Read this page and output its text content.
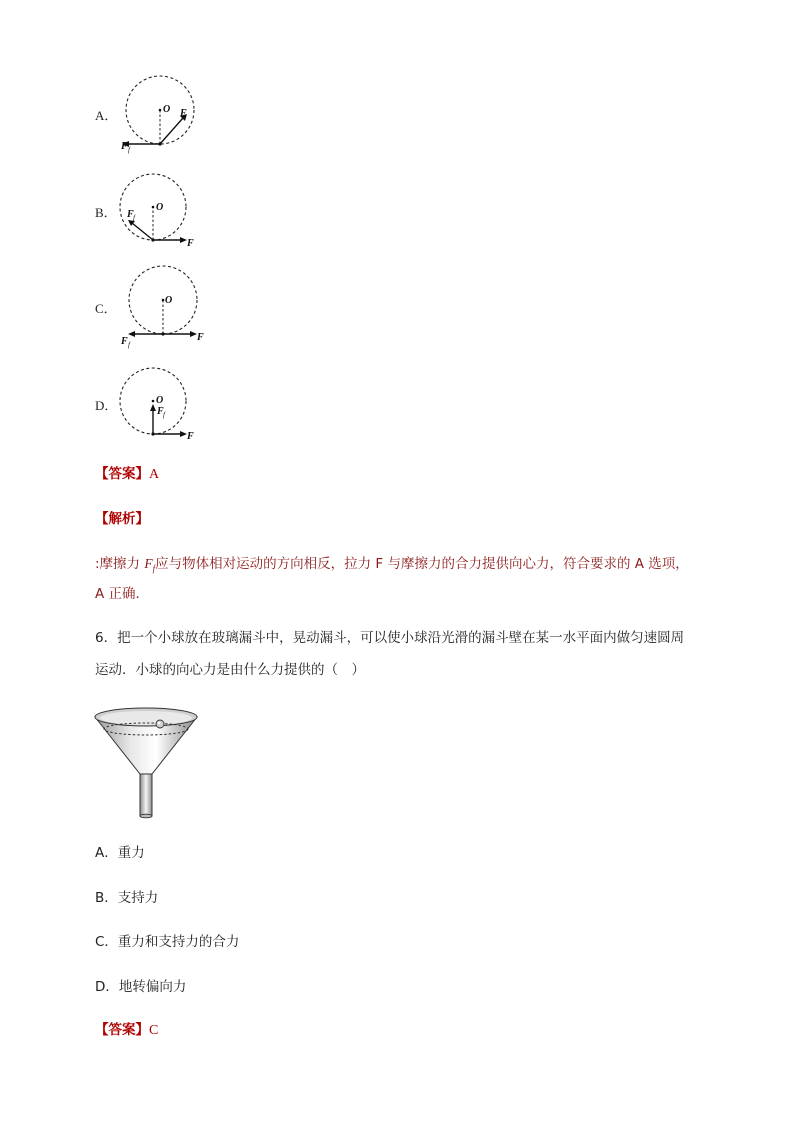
A．	O F
F f
B．	O
F
F f
C．
O
F
F f
D．	O
F
F f
【答案】A
【解析】
:摩擦力 $F_f$应与物体相对运动的方向相反，拉力 F 与摩擦力的合力提供向心力，符合要求的 A 选项，
A 正确．
6．把一个小球放在玻璃漏斗中，晃动漏斗，可以使小球沿光滑的漏斗壁在某一水平面内做匀速圆周
运动．小球的向心力是由什么力提供的（　）
A．重力
B．支持力
C．重力和支持力的合力
D．地转偏向力
【答案】C
